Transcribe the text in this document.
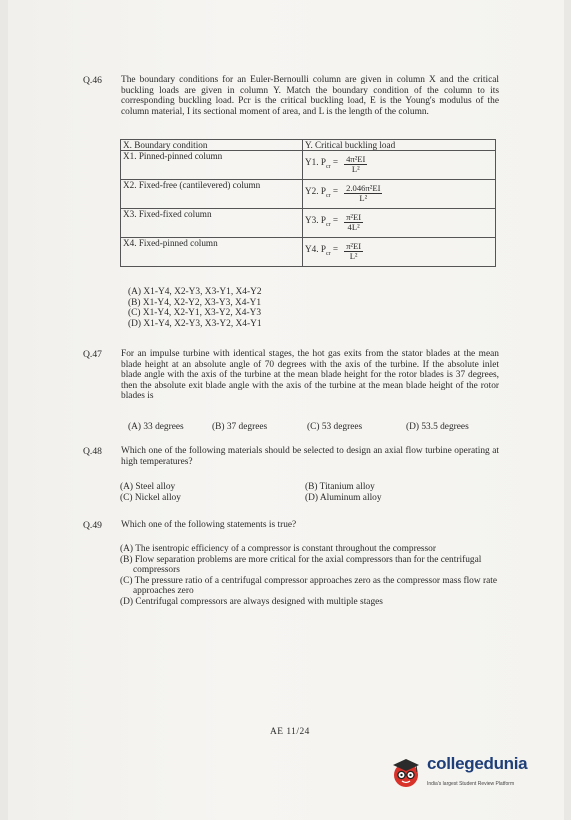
Q.46 The boundary conditions for an Euler-Bernoulli column are given in column X and the critical buckling loads are given in column Y. Match the boundary condition of the column to its corresponding buckling load. Pcr is the critical buckling load, E is the Young's modulus of the column material, I its sectional moment of area, and L is the length of the column.
X. Boundary condition	Y. Critical buckling load
X1. Pinned-pinned column	Y1. $P_{cr} = \frac{\text{4π²EI}}{\text{L²}}$

X2. Fixed-free (cantilevered) column	Y2. $P_{cr} = \frac{\text{2.046π²EI}}{\text{L²}}$

X3. Fixed-fixed column	Y3. $P_{cr} = \frac{\text{π²EI}}{\text{4L²}}$

X4. Fixed-pinned column	Y4. $P_{cr} = \frac{\text{π²EI}}{\text{L²}}$
(A) X1-Y4, X2-Y3, X3-Y1, X4-Y2
(B) X1-Y4, X2-Y2, X3-Y3, X4-Y1
(C) X1-Y4, X2-Y1, X3-Y2, X4-Y3
(D) X1-Y4, X2-Y3, X3-Y2, X4-Y1
Q.47 For an impulse turbine with identical stages, the hot gas exits from the stator blades at the mean blade height at an absolute angle of 70 degrees with the axis of the turbine. If the absolute inlet blade angle with the axis of the turbine at the mean blade height for the rotor blades is 37 degrees, then the absolute exit blade angle with the axis of the turbine at the mean blade height of the rotor blades is
(A) 33 degrees	(B) 37 degrees	(C) 53 degrees	(D) 53.5 degrees
Q.48 Which one of the following materials should be selected to design an axial flow turbine operating at high temperatures?
(A) Steel alloy	(B) Titanium alloy
(C) Nickel alloy	(D) Aluminum alloy
Q.49 Which one of the following statements is true?
(A) The isentropic efficiency of a compressor is constant throughout the compressor
(B) Flow separation problems are more critical for the axial compressors than for the centrifugal compressors
(C) The pressure ratio of a centrifugal compressor approaches zero as the compressor mass flow rate approaches zero
(D) Centrifugal compressors are always designed with multiple stages
AE 11/24
collegedunia
India's largest Student Review Platform
